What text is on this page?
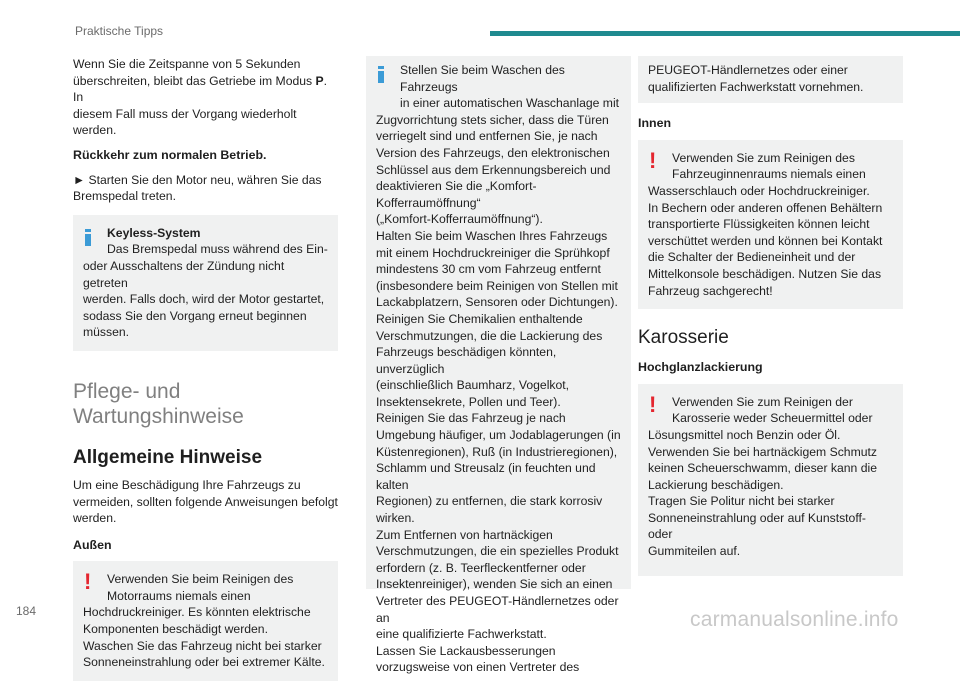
Praktische Tipps

Wenn Sie die Zeitspanne von 5 Sekunden
überschreiten, bleibt das Getriebe im Modus P. In
diesem Fall muss der Vorgang wiederholt werden.

Rückkehr zum normalen Betrieb.

► Starten Sie den Motor neu, währen Sie das
Bremspedal treten.

Keyless-System
Das Bremspedal muss während des Ein-
oder Ausschaltens der Zündung nicht getreten
werden. Falls doch, wird der Motor gestartet,
sodass Sie den Vorgang erneut beginnen
müssen.
Pflege- und
Wartungshinweise
Allgemeine Hinweise

Um eine Beschädigung Ihre Fahrzeugs zu
vermeiden, sollten folgende Anweisungen befolgt
werden.

Außen
! Verwenden Sie beim Reinigen des
Motorraums niemals einen
Hochdruckreiniger. Es könnten elektrische
Komponenten beschädigt werden.
Waschen Sie das Fahrzeug nicht bei starker
Sonneneinstrahlung oder bei extremer Kälte.
Stellen Sie beim Waschen des Fahrzeugs
in einer automatischen Waschanlage mit
Zugvorrichtung stets sicher, dass die Türen
verriegelt sind und entfernen Sie, je nach
Version des Fahrzeugs, den elektronischen
Schlüssel aus dem Erkennungsbereich und
deaktivieren Sie die „Komfort-
Kofferraumöffnung“
(„Komfort-Kofferraumöffnung“).
Halten Sie beim Waschen Ihres Fahrzeugs
mit einem Hochdruckreiniger die Sprühkopf
mindestens 30 cm vom Fahrzeug entfernt
(insbesondere beim Reinigen von Stellen mit
Lackabplatzern, Sensoren oder Dichtungen).
Reinigen Sie Chemikalien enthaltende
Verschmutzungen, die die Lackierung des
Fahrzeugs beschädigen könnten, unverzüglich
(einschließlich Baumharz, Vogelkot,
Insektensekrete, Pollen und Teer).
Reinigen Sie das Fahrzeug je nach
Umgebung häufiger, um Jodablagerungen (in
Küstenregionen), Ruß (in Industrieregionen),
Schlamm und Streusalz (in feuchten und kalten
Regionen) zu entfernen, die stark korrosiv
wirken.
Zum Entfernen von hartnäckigen
Verschmutzungen, die ein spezielles Produkt
erfordern (z. B. Teerfleckentferner oder
Insektenreiniger), wenden Sie sich an einen
Vertreter des PEUGEOT-Händlernetzes oder an
eine qualifizierte Fachwerkstatt.
Lassen Sie Lackausbesserungen
vorzugsweise von einen Vertreter des
PEUGEOT-Händlernetzes oder einer
qualifizierten Fachwerkstatt vornehmen.
Innen
! Verwenden Sie zum Reinigen des
Fahrzeuginnenraums niemals einen
Wasserschlauch oder Hochdruckreiniger.
In Bechern oder anderen offenen Behältern
transportierte Flüssigkeiten können leicht
verschüttet werden und können bei Kontakt
die Schalter der Bedieneinheit und der
Mittelkonsole beschädigen. Nutzen Sie das
Fahrzeug sachgerecht!
Karosserie
Hochglanzlackierung
! Verwenden Sie zum Reinigen der
Karosserie weder Scheuermittel oder
Lösungsmittel noch Benzin oder Öl.
Verwenden Sie bei hartnäckigem Schmutz
keinen Scheuerschwamm, dieser kann die
Lackierung beschädigen.
Tragen Sie Politur nicht bei starker
Sonneneinstrahlung oder auf Kunststoff- oder
Gummiteilen auf.
184	carmanualsonline.info
